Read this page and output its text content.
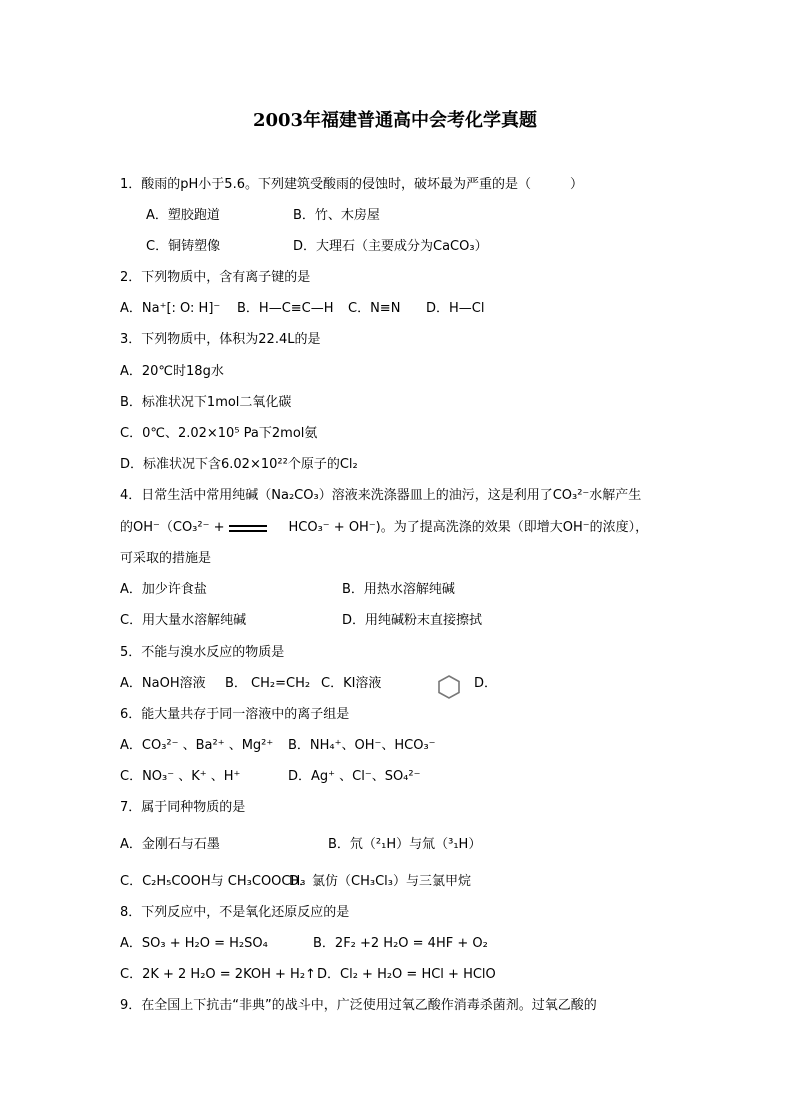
2003年福建普通高中会考化学真题
1．酸雨的pH小于5.6。下列建筑受酸雨的侵蚀时，破坏最为严重的是（　　　）
A．塑胶跑道	B．竹、木房屋
C．铜铸塑像	D．大理石（主要成分为CaCO₃）
2．下列物质中，含有离子键的是
A．Na⁺[: O: H]⁻ B．H—C≡C—H C．N≡N D．H—Cl
3．下列物质中，体积为22.4L的是
A．20℃时18g水
B．标准状况下1mol二氧化碳
C．0℃、2.02×10⁵ Pa下2mol氨
D．标准状况下含6.02×10²²个原子的Cl₂
4．日常生活中常用纯碱（Na₂CO₃）溶液来洗涤器皿上的油污，这是利用了CO₃²⁻水解产生
的OH⁻（CO₃²⁻ +	HCO₃⁻ + OH⁻)。为了提高洗涤的效果（即增大OH⁻的浓度），
可采取的措施是
A．加少许食盐	B．用热水溶解纯碱
C．用大量水溶解纯碱	D．用纯碱粉末直接擦拭
5．不能与溴水反应的物质是
A．NaOH溶液 B． CH₂=CH₂ C．KI溶液	D．
6．能大量共存于同一溶液中的离子组是
A．CO₃²⁻ 、Ba²⁺ 、Mg²⁺ B．NH₄⁺、OH⁻、HCO₃⁻
C．NO₃⁻ 、K⁺ 、H⁺	D．Ag⁺ 、Cl⁻、SO₄²⁻
7．属于同种物质的是
A．金刚石与石墨	B．氘（²₁H）与氚（³₁H）
C．C₂H₅COOH与 CH₃COOCH₃
D．氯仿（CH₃Cl₃）与三氯甲烷
8．下列反应中，不是氧化还原反应的是
A．SO₃ + H₂O = H₂SO₄	B．2F₂ +2 H₂O = 4HF + O₂
C．2K + 2 H₂O = 2KOH + H₂↑ D．Cl₂ + H₂O = HCl + HClO
9．在全国上下抗击“非典”的战斗中，广泛使用过氧乙酸作消毒杀菌剂。过氧乙酸的
